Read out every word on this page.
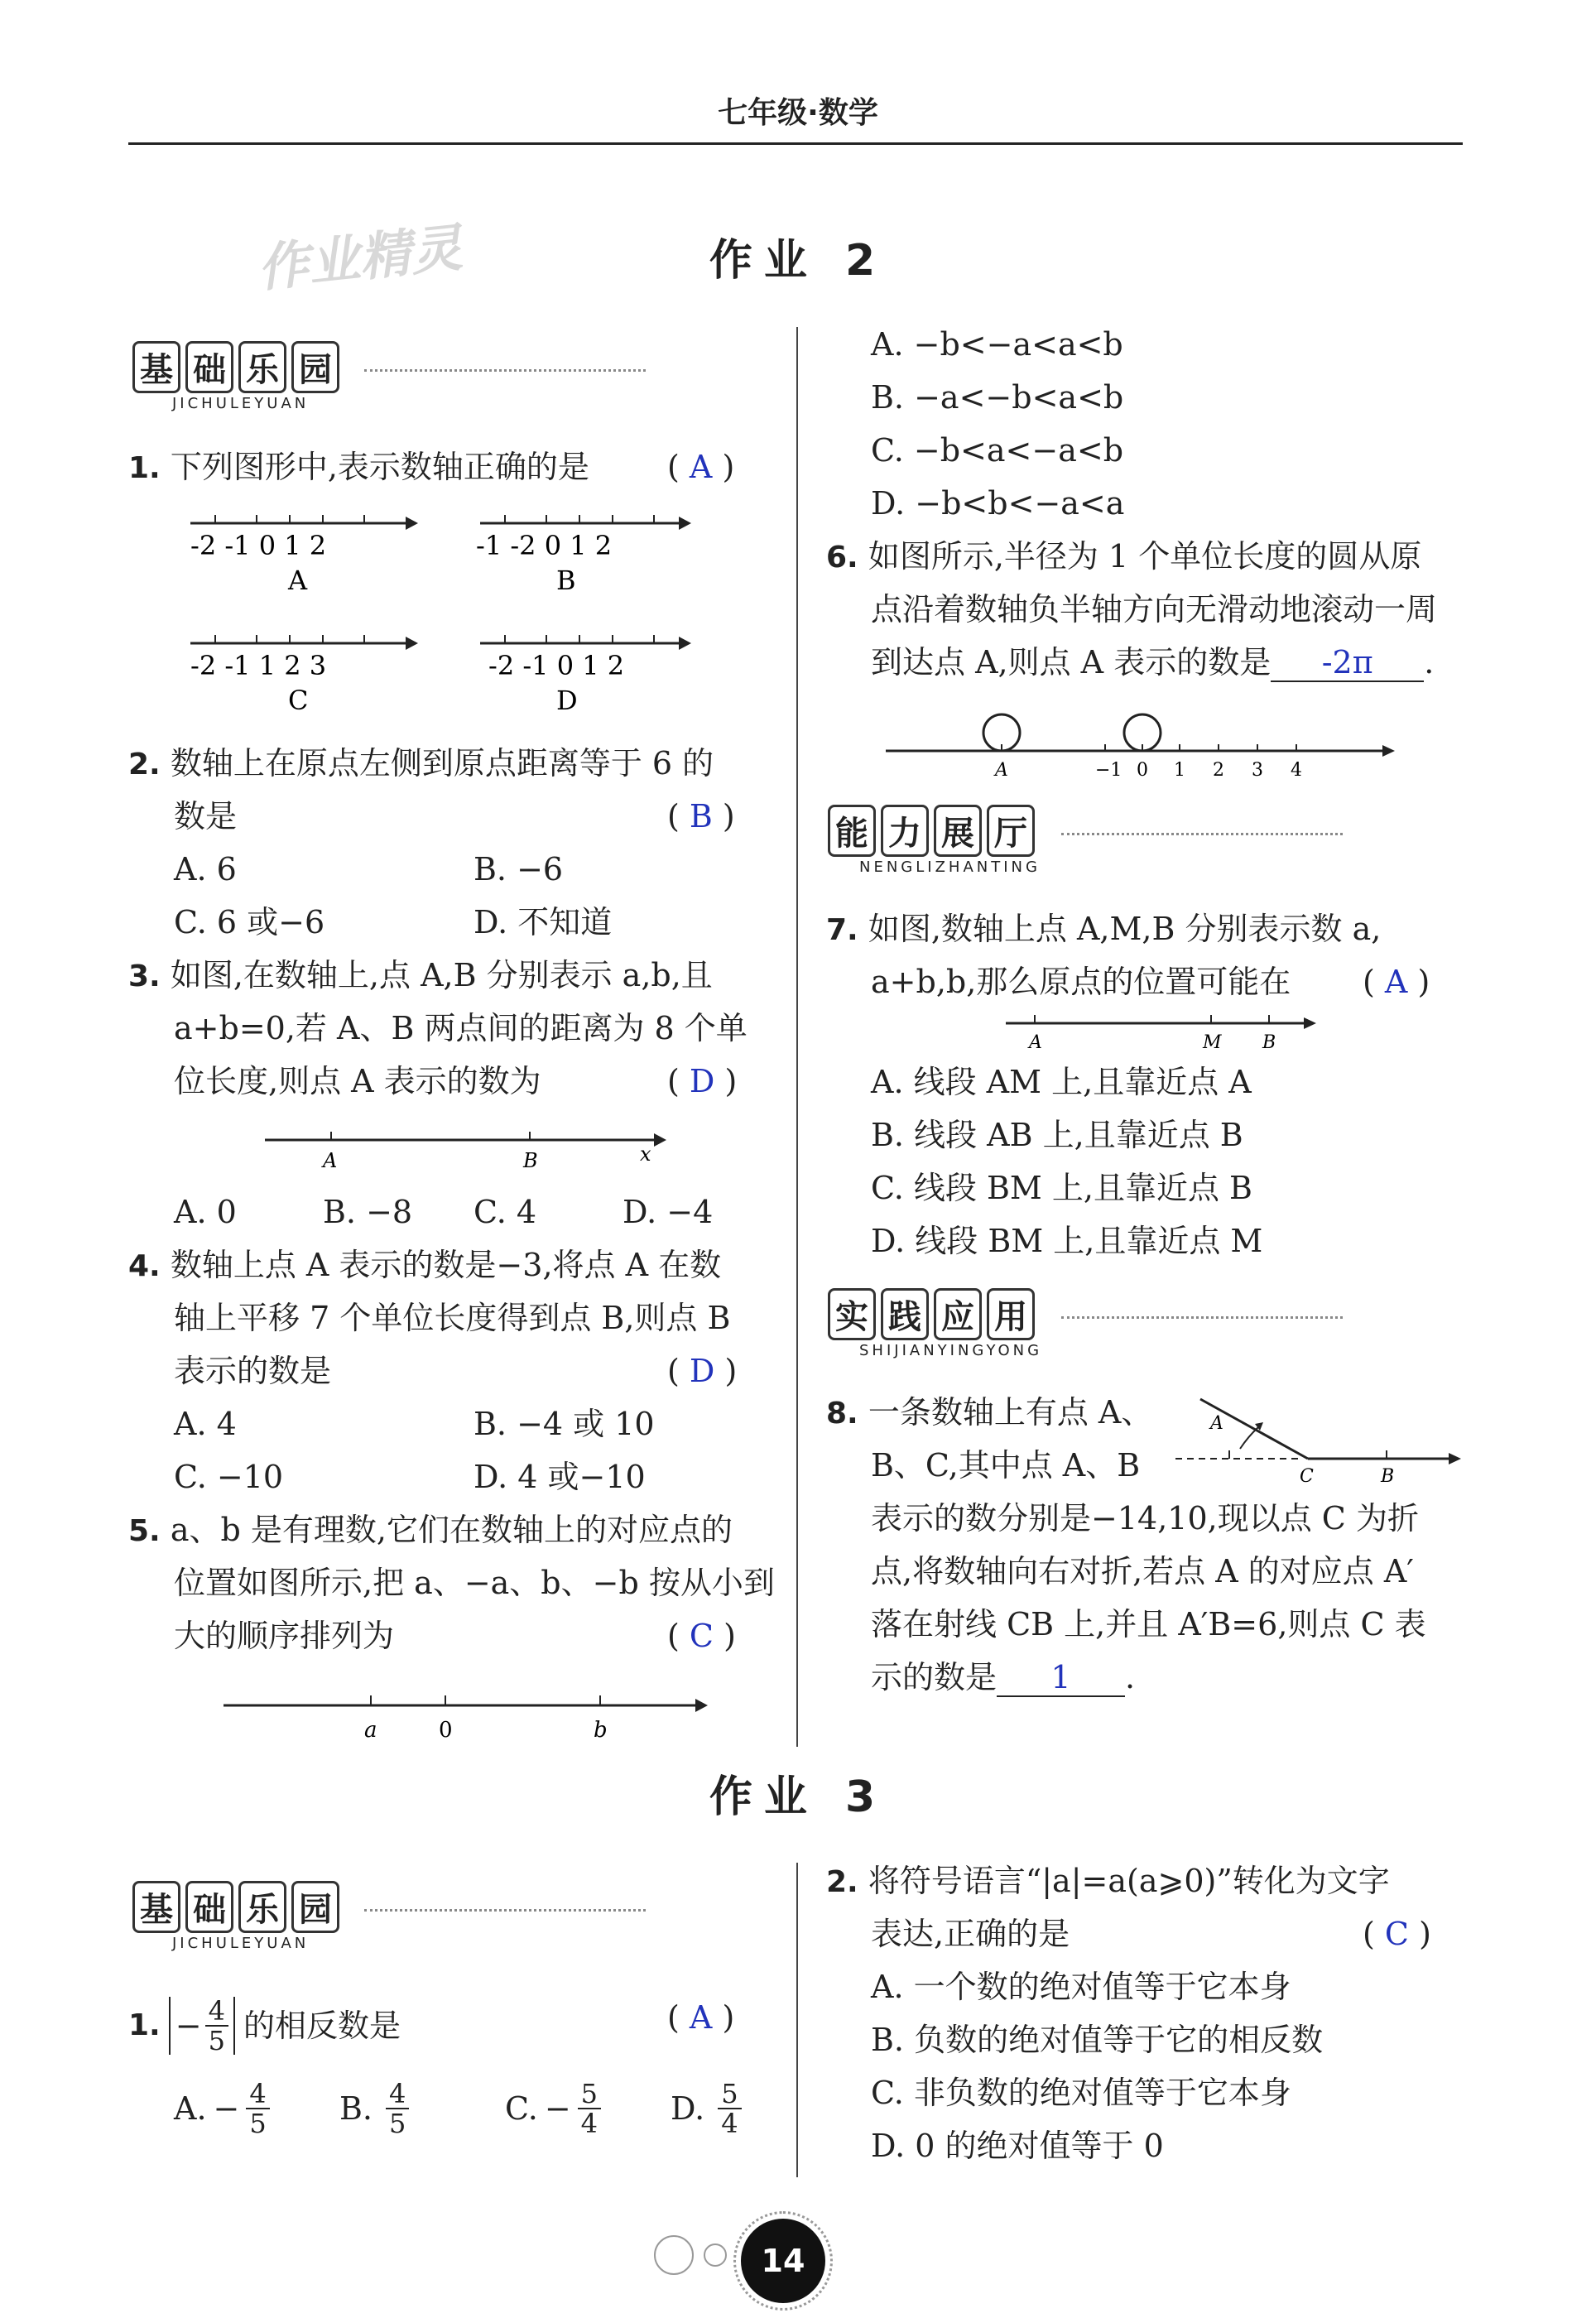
七年级·数学
作业精灵	作业 2
基 础 乐 园
JICHULEYUAN
1. 下列图形中,表示数轴正确的是 ( A )
-2 -1 0 1 2
A
-1 -2 0 1 2
B
-2 -1 1 2 3
C
-2 -1 0 1 2
D
2. 数轴上在原点左侧到原点距离等于 6 的
数是	( B )
A. 6	B. −6
C. 6 或−6	D. 不知道
3. 如图,在数轴上,点 A,B 分别表示 a,b,且
a+b=0,若 A、B 两点间的距离为 8 个单
位长度,则点 A 表示的数为	( D )
A	B	x
A. 0	B. −8 C. 4	D. −4
4. 数轴上点 A 表示的数是−3,将点 A 在数
轴上平移 7 个单位长度得到点 B,则点 B
表示的数是	( D )
A. 4	B. −4 或 10
C. −10	D. 4 或−10
5. a、b 是有理数,它们在数轴上的对应点的
位置如图所示,把 a、−a、b、−b 按从小到
大的顺序排列为	( C )
a	0	b
A. −b<−a<a<b
B. −a<−b<a<b
C. −b<a<−a<b
D. −b<b<−a<a
6. 如图所示,半径为 1 个单位长度的圆从原
点沿着数轴负半轴方向无滑动地滚动一周
到达点 A,则点 A 表示的数是 -2π .
A	−1 0 1 2 3 4
能 力 展 厅
NENGLIZHANTING
7. 如图,数轴上点 A,M,B 分别表示数 a,
a+b,b,那么原点的位置可能在 ( A )
A	M B
A. 线段 AM 上,且靠近点 A
B. 线段 AB 上,且靠近点 B
C. 线段 BM 上,且靠近点 B
D. 线段 BM 上,且靠近点 M
实 践 应 用
SHIJIANYINGYONG
8. 一条数轴上有点 A、
B、C,其中点 A、B
A
C	B
表示的数分别是−14,10,现以点 C 为折
点,将数轴向右对折,若点 A 的对应点 A′
落在射线 CB 上,并且 A′B=6,则点 C 表
示的数是 1 .
作业 3
基 础 乐 园
JICHULEYUAN
1. − $\frac{4}{5}$ 的相反数是	( A )
A. − $\frac{4}{5} B$. $\frac{4}{5}$	C. − $\frac{5}{4} D$. $\frac{5}{4}$
2. 将符号语言“|a|=a(a⩾0)”转化为文字
表达,正确的是	( C )
A. 一个数的绝对值等于它本身
B. 负数的绝对值等于它的相反数
C. 非负数的绝对值等于它本身
D. 0 的绝对值等于 0
14
